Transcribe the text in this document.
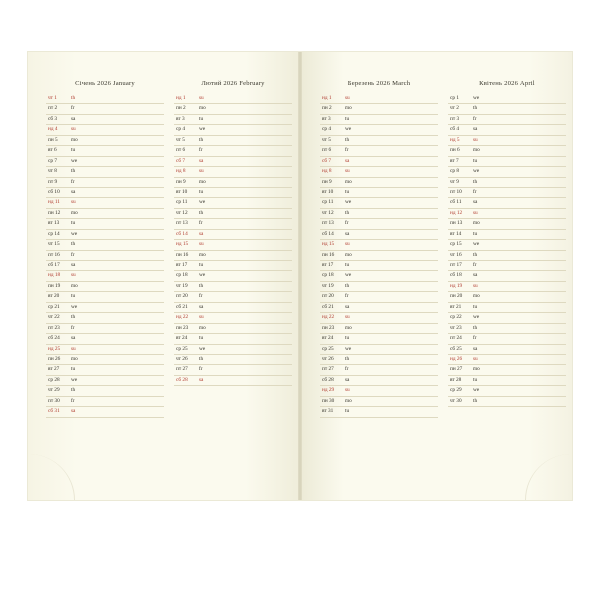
Січень 2026 January
чт 1	th
пт 2	fr
сб 3	sa
нд 4	su
пн 5	mo
вт 6	tu
ср 7	we
чт 8	th
пт 9	fr
сб 10 sa
нд 11 su
пн 12 mo
вт 13 tu
ср 14 we
чт 15 th
пт 16 fr
сб 17 sa
нд 18 su
пн 19 mo
вт 20 tu
ср 21 we
чт 22 th
пт 23 fr
сб 24 sa
нд 25 su
пн 26 mo
вт 27 tu
ср 28 we
чт 29 th
пт 30 fr
сб 31 sa
Лютий 2026 February
нд 1	su
пн 2	mo
вт 3	tu
ср 4	we
чт 5	th
пт 6	fr
сб 7	sa
нд 8	su
пн 9	mo
вт 10 tu
ср 11 we
чт 12 th
пт 13 fr
сб 14 sa
нд 15 su
пн 16 mo
вт 17 tu
ср 18 we
чт 19 th
пт 20 fr
сб 21 sa
нд 22 su
пн 23 mo
вт 24 tu
ср 25 we
чт 26 th
пт 27 fr
сб 28 sa
Березень 2026 March
нд 1	su
пн 2	mo
вт 3	tu
ср 4	we
чт 5	th
пт 6	fr
сб 7	sa
нд 8	su
пн 9	mo
вт 10 tu
ср 11 we
чт 12 th
пт 13 fr
сб 14 sa
нд 15 su
пн 16 mo
вт 17 tu
ср 18 we
чт 19 th
пт 20 fr
сб 21 sa
нд 22 su
пн 23 mo
вт 24 tu
ср 25 we
чт 26 th
пт 27 fr
сб 28 sa
нд 29 su
пн 30 mo
вт 31 tu
Квітень 2026 April
ср 1	we
чт 2	th
пт 3	fr
сб 4	sa
нд 5	su
пн 6	mo
вт 7	tu
ср 8	we
чт 9	th
пт 10 fr
сб 11 sa
нд 12 su
пн 13 mo
вт 14 tu
ср 15 we
чт 16 th
пт 17 fr
сб 18 sa
нд 19 su
пн 20 mo
вт 21 tu
ср 22 we
чт 23 th
пт 24 fr
сб 25 sa
нд 26 su
пн 27 mo
вт 28 tu
ср 29 we
чт 30 th
